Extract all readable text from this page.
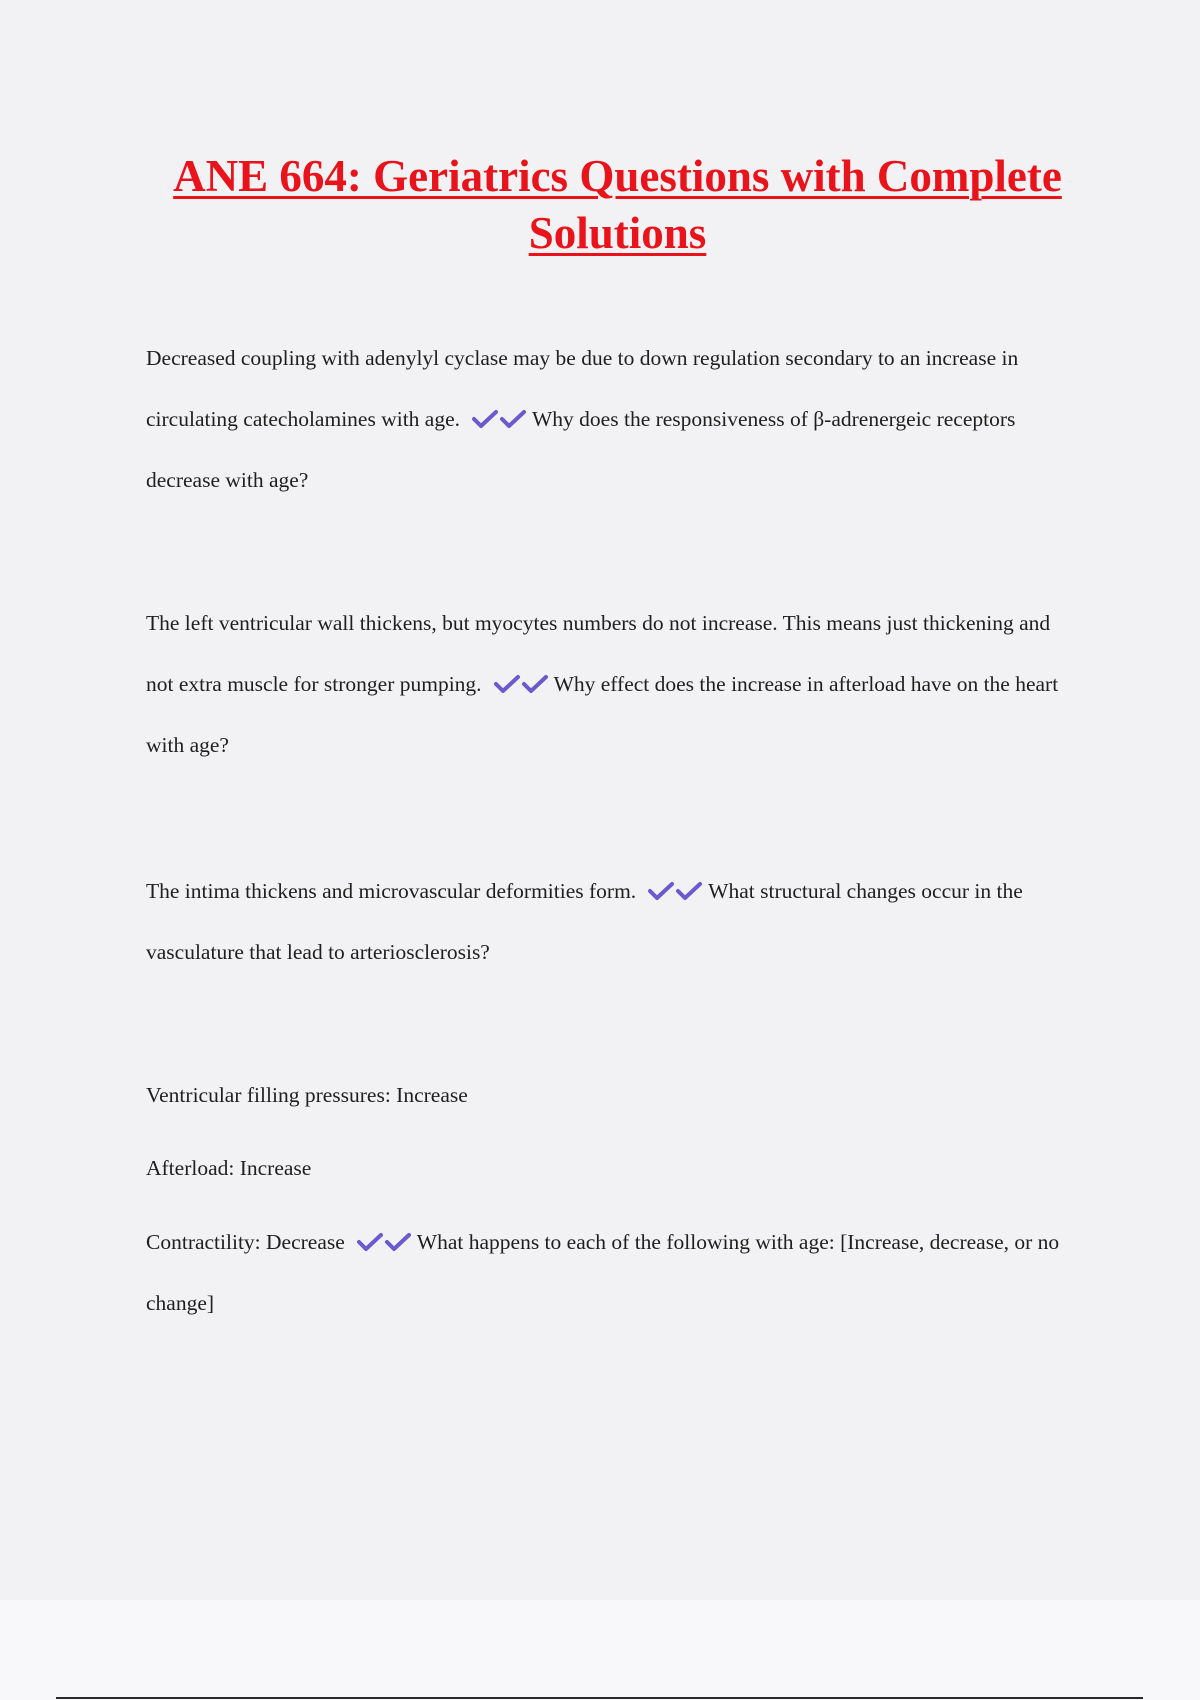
ANE 664: Geriatrics Questions with Complete Solutions

Decreased coupling with adenylyl cyclase may be due to down regulation secondary to an increase in circulating catecholamines with age.	Why does the responsiveness of β-adrenergeic receptors decrease with age?

The left ventricular wall thickens, but myocytes numbers do not increase. This means just thickening and not extra muscle for stronger pumping.	Why effect does the increase in afterload have on the heart with age?

The intima thickens and microvascular deformities form.	What structural changes occur in the vasculature that lead to arteriosclerosis?

Ventricular filling pressures: Increase

Afterload: Increase

Contractility: Decrease	What happens to each of the following with age: [Increase, decrease, or no change]
